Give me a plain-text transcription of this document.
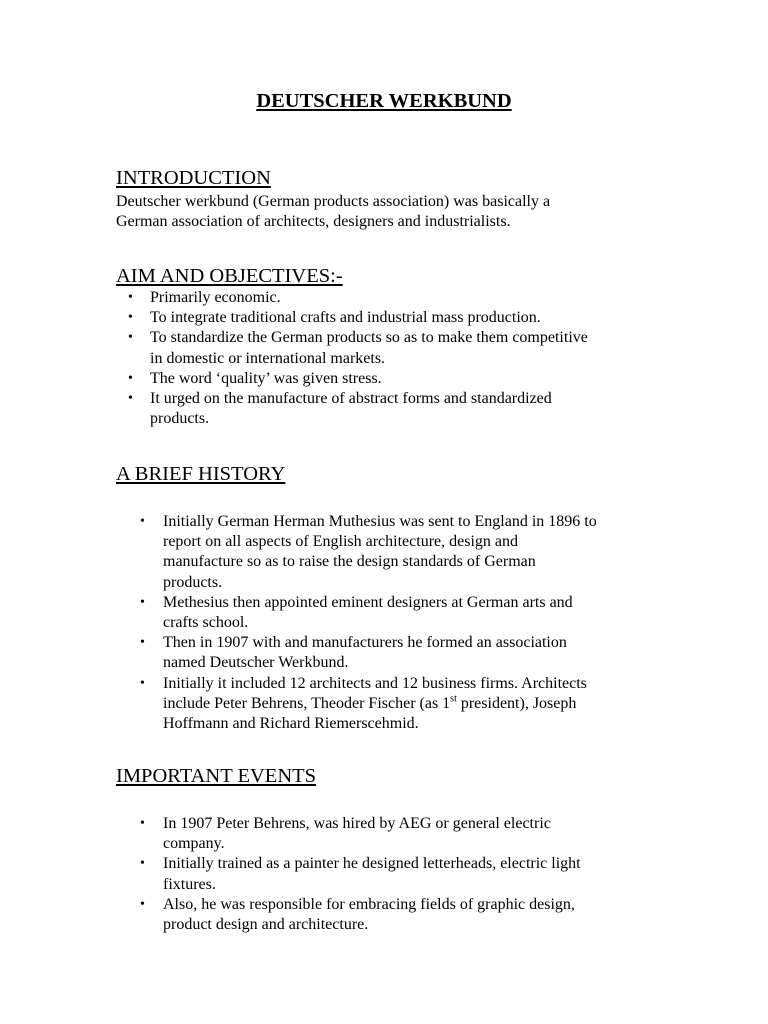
DEUTSCHER WERKBUND
INTRODUCTION

Deutscher werkbund (German products association) was basically a
German association of architects, designers and industrialists.

AIM AND OBJECTIVES:-
• Primarily economic.
• To integrate traditional crafts and industrial mass production.
• To standardize the German products so as to make them competitive
in domestic or international markets.
• The word ‘quality’ was given stress.
• It urged on the manufacture of abstract forms and standardized
products.
A BRIEF HISTORY
• Initially German Herman Muthesius was sent to England in 1896 to
report on all aspects of English architecture, design and
manufacture so as to raise the design standards of German
products.
• Methesius then appointed eminent designers at German arts and
crafts school.
• Then in 1907 with and manufacturers he formed an association
named Deutscher Werkbund.
• Initially it included 12 architects and 12 business firms. Architects
include Peter Behrens, Theoder Fischer (as 1st president), Joseph
Hoffmann and Richard Riemerscehmid.
IMPORTANT EVENTS
• In 1907 Peter Behrens, was hired by AEG or general electric
company.
• Initially trained as a painter he designed letterheads, electric light
fixtures.
• Also, he was responsible for embracing fields of graphic design,
product design and architecture.
